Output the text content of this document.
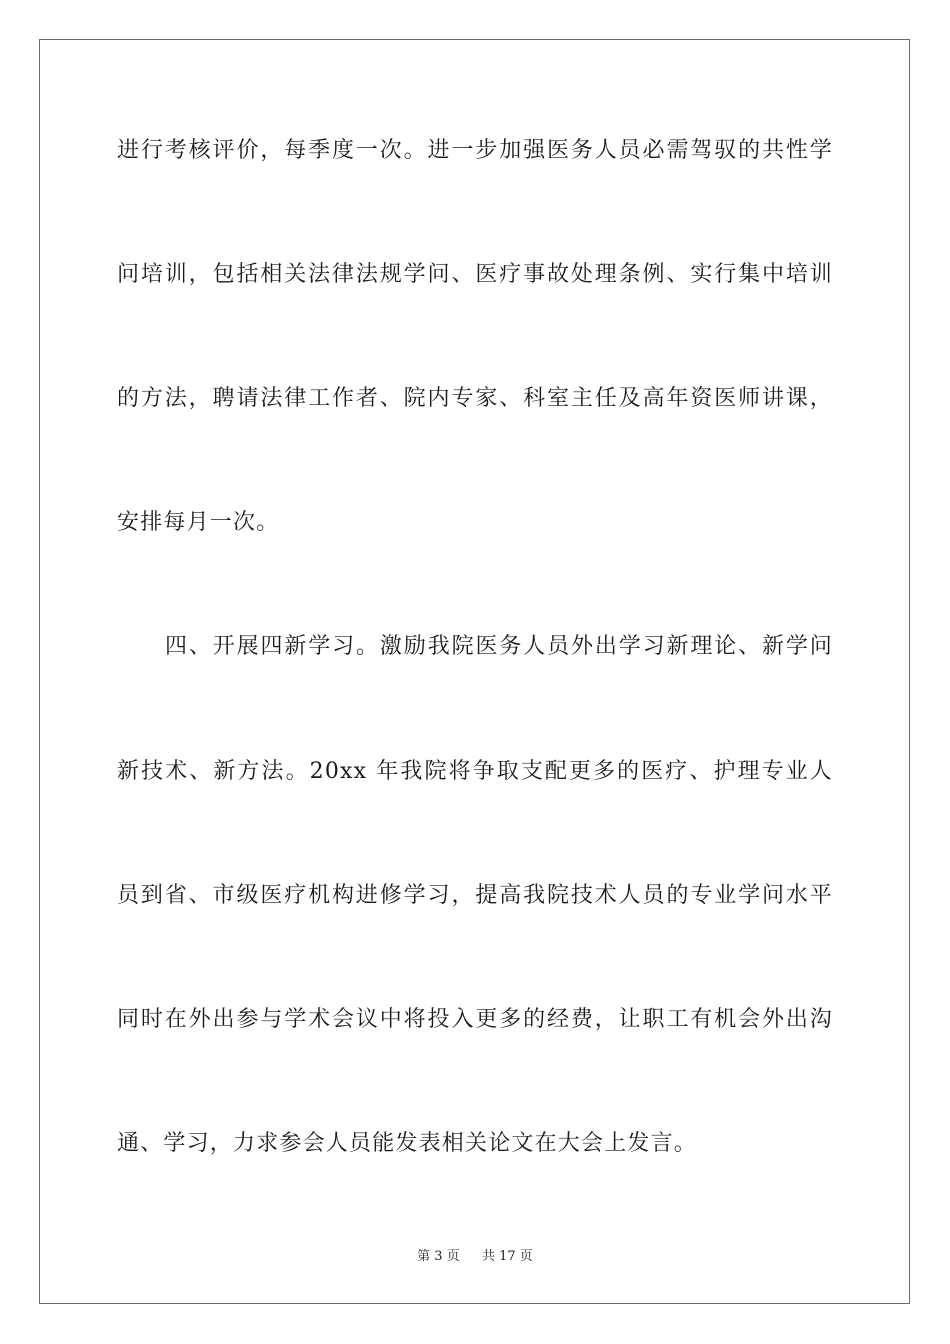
进行考核评价，每季度一次。进一步加强医务人员必需驾驭的共性学
问培训，包括相关法律法规学问、医疗事故处理条例、实行集中培训
的方法，聘请法律工作者、院内专家、科室主任及高年资医师讲课，
安排每月一次。
四、开展四新学习。激励我院医务人员外出学习新理论、新学问
新技术、新方法。20xx 年我院将争取支配更多的医疗、护理专业人
员到省、市级医疗机构进修学习，提高我院技术人员的专业学问水平
同时在外出参与学术会议中将投入更多的经费，让职工有机会外出沟
通、学习，力求参会人员能发表相关论文在大会上发言。
第 3 页 共 17 页
